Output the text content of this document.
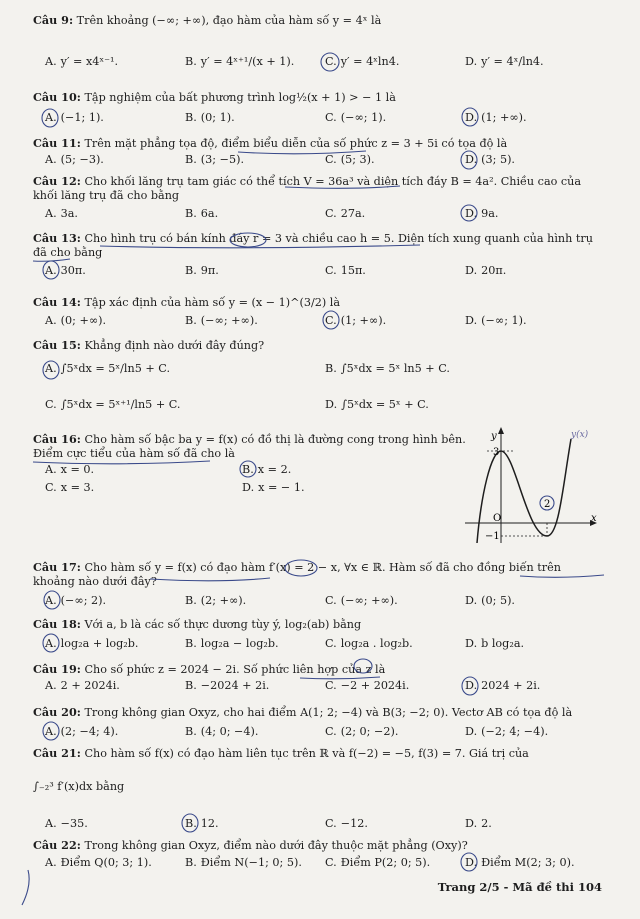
Câu 9: Trên khoảng (−∞; +∞), đạo hàm của hàm số y = 4ˣ là
A. y′ = x4ˣ⁻¹.	B. y′ = 4ˣ⁺¹/(x + 1).	C. y′ = 4ˣln4.	D. y′ = 4ˣ/ln4.
Câu 10: Tập nghiệm của bất phương trình log½(x + 1) > − 1 là
A. (−1; 1).	B. (0; 1).	C. (−∞; 1).	D. (1; +∞).
Câu 11: Trên mặt phẳng tọa độ, điểm biểu diễn của số phức z = 3 + 5i có tọa độ là
A. (5; −3).	B. (3; −5).	C. (5; 3).	D. (3; 5).
Câu 12: Cho khối lăng trụ tam giác có thể tích V = 36a³ và diện tích đáy B = 4a². Chiều cao của khối lăng trụ đã cho bằng
A. 3a.	B. 6a.	C. 27a.	D. 9a.
Câu 13: Cho hình trụ có bán kính đáy r = 3 và chiều cao h = 5. Diện tích xung quanh của hình trụ đã cho bằng
A. 30π.	B. 9π.	C. 15π.	D. 20π.
Câu 14: Tập xác định của hàm số y = (x − 1)^(3/2) là
A. (0; +∞).	B. (−∞; +∞).	C. (1; +∞).	D. (−∞; 1).
Câu 15: Khẳng định nào dưới đây đúng?
A. ∫5ˣdx = 5ˣ/ln5 + C.	B. ∫5ˣdx = 5ˣ ln5 + C.
C. ∫5ˣdx = 5ˣ⁺¹/ln5 + C.	D. ∫5ˣdx = 5ˣ + C.
Câu 16: Cho hàm số bậc ba y = f(x) có đồ thị là đường cong trong hình bên.
Điểm cực tiểu của hàm số đã cho là
A. x = 0.	B. x = 2.
C. x = 3.	D. x = − 1.
y
x
3
O
−1
2
y(x)
Câu 17: Cho hàm số y = f(x) có đạo hàm f′(x) = 2 − x, ∀x ∈ ℝ. Hàm số đã cho đồng biến trên khoảng nào dưới đây?
A. (−∞; 2).	B. (2; +∞).	C. (−∞; +∞).	D. (0; 5).
Câu 18: Với a, b là các số thực dương tùy ý, log₂(ab) bằng
A. log₂a + log₂b.	B. log₂a − log₂b.	C. log₂a . log₂b.	D. b log₂a.
Câu 19: Cho số phức z = 2024 − 2i. Số phức liên hợp của z là
A. 2 + 2024i.	B. −2024 + 2i.	C. −2 + 2024i.	D. 2024 + 2i.
Câu 20: Trong không gian Oxyz, cho hai điểm A(1; 2; −4) và B(3; −2; 0). Vectơ AB có tọa độ là
A. (2; −4; 4).	B. (4; 0; −4).	C. (2; 0; −2).	D. (−2; 4; −4).
Câu 21: Cho hàm số f(x) có đạo hàm liên tục trên ℝ và f(−2) = −5, f(3) = 7. Giá trị của
∫₋₂³ f′(x)dx bằng
A. −35.	B. 12.	C. −12.	D. 2.
Câu 22: Trong không gian Oxyz, điểm nào dưới đây thuộc mặt phẳng (Oxy)?
A. Điểm Q(0; 3; 1).	B. Điểm N(−1; 0; 5). C. Điểm P(2; 0; 5).	D. Điểm M(2; 3; 0).
Trang 2/5 - Mã đề thi 104
